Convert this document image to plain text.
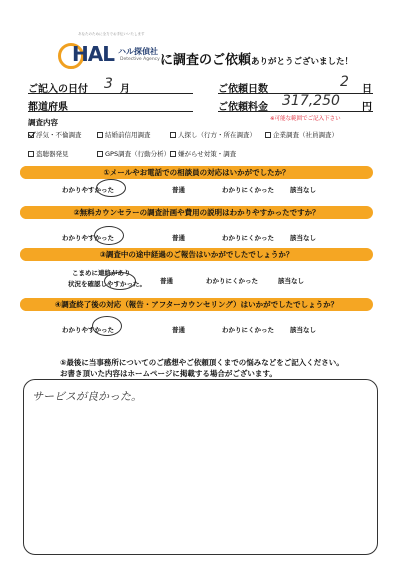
あなたのために全力でお手伝いいたします
HAL ハル探偵社
Detective Agency に調査のご依頼ありがとうございました！
ご記入の日付 3 月
都道府県
ご依頼日数	2 日
ご依頼料金 317,250 円
※可能な範囲でご記入下さい
調査内容
浮気・不倫調査	結婚前信用調査	人探し（行方・所在調査）	企業調査（社員調査）
盗聴器発見	GPS調査（行動分析） 嫌がらせ対策・調査
①メールやお電話での相談員の対応はいかがでしたか？
わかりやすかった	普通	わかりにくかった 該当なし
②無料カウンセラーの調査計画や費用の説明はわかりやすかったですか？
わかりやすかった	普通	わかりにくかった 該当なし
③調査中の途中経過のご報告はいかがでしたでしょうか？
こまめに連絡があり
状況を確認しやすかった。 普通	わかりにくかった	該当なし
④調査終了後の対応（報告・アフターカウンセリング）はいかがでしたでしょうか？
わかりやすかった	普通	わかりにくかった 該当なし
⑤最後に当事務所についてのご感想やご依頼頂くまでの悩みなどをご記入ください。
お書き頂いた内容はホームページに掲載する場合がございます。
サービスが良かった。
